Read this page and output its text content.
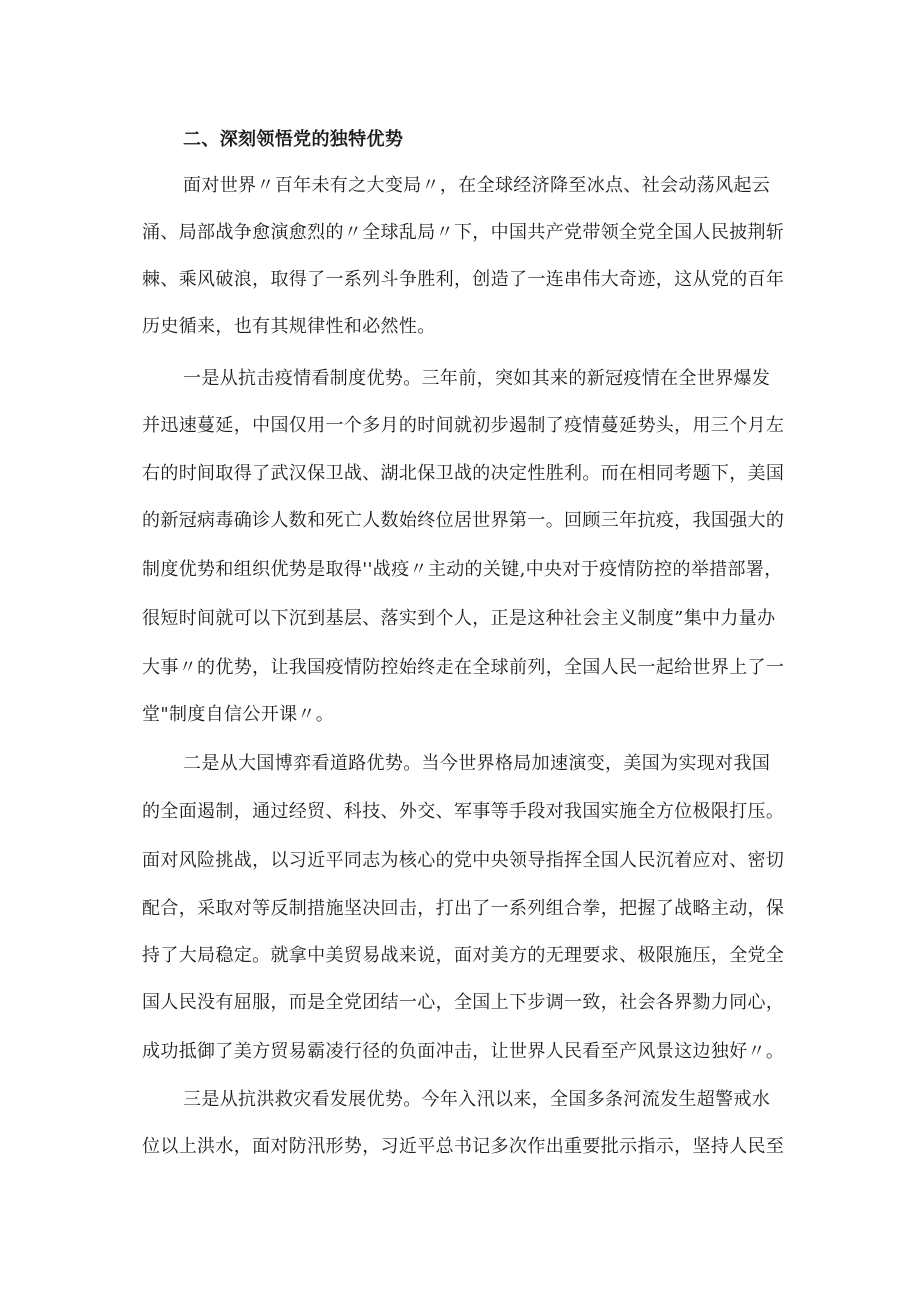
二、深刻领悟党的独特优势
面对世界〃百年未有之大变局〃，在全球经济降至冰点、社会动荡风起云
涌、局部战争愈演愈烈的〃全球乱局〃下，中国共产党带领全党全国人民披荆斩
棘、乘风破浪，取得了一系列斗争胜利，创造了一连串伟大奇迹，这从党的百年
历史循来，也有其规律性和必然性。
一是从抗击疫情看制度优势。三年前，突如其来的新冠疫情在全世界爆发
并迅速蔓延，中国仅用一个多月的时间就初步遏制了疫情蔓延势头，用三个月左
右的时间取得了武汉保卫战、湖北保卫战的决定性胜利。而在相同考题下，美国
的新冠病毒确诊人数和死亡人数始终位居世界第一。回顾三年抗疫，我国强大的
制度优势和组织优势是取得''战疫〃主动的关键,中央对于疫情防控的举措部署，
很短时间就可以下沉到基层、落实到个人，正是这种社会主义制度”集中力量办
大事〃的优势，让我国疫情防控始终走在全球前列，全国人民一起给世界上了一
堂"制度自信公开课〃。
二是从大国博弈看道路优势。当今世界格局加速演变，美国为实现对我国
的全面遏制，通过经贸、科技、外交、军事等手段对我国实施全方位极限打压。
面对风险挑战，以习近平同志为核心的党中央领导指挥全国人民沉着应对、密切
配合，采取对等反制措施坚决回击，打出了一系列组合拳，把握了战略主动，保
持了大局稳定。就拿中美贸易战来说，面对美方的无理要求、极限施压，全党全
国人民没有屈服，而是全党团结一心，全国上下步调一致，社会各界勠力同心，
成功抵御了美方贸易霸凌行径的负面冲击，让世界人民看至产风景这边独好〃。
三是从抗洪救灾看发展优势。今年入汛以来，全国多条河流发生超警戒水
位以上洪水，面对防汛形势，习近平总书记多次作出重要批示指示，坚持人民至
